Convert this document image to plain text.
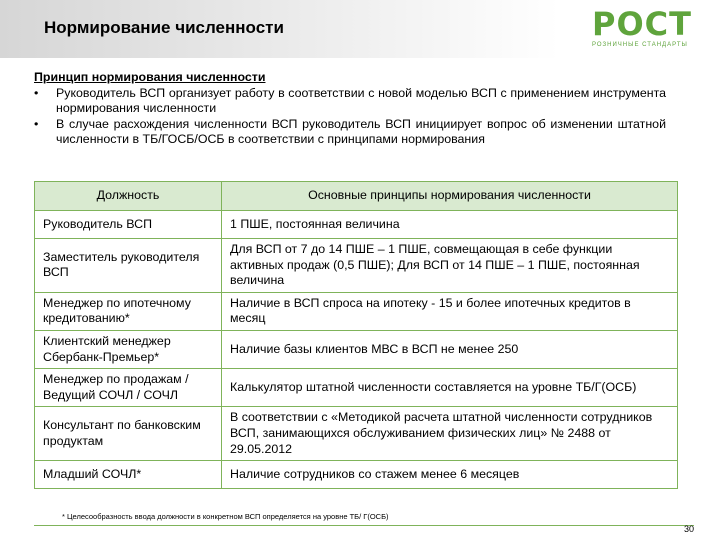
Нормирование численности	РОСТ
РОЗНИЧНЫЕ СТАНДАРТЫ
Принцип нормирования численности
•	Руководитель ВСП организует работу в соответствии с новой моделью ВСП с применением инструмента нормирования численности
•	В случае расхождения численности ВСП руководитель ВСП инициирует вопрос об изменении штатной численности в ТБ/ГОСБ/ОСБ в соответствии с принципами нормирования
Должность	Основные принципы нормирования численности
Руководитель ВСП	1 ПШЕ, постоянная величина
Заместитель руководителя ВСП	Для ВСП от 7 до 14 ПШЕ – 1 ПШЕ, совмещающая в себе функции активных продаж (0,5 ПШЕ); Для ВСП от 14 ПШЕ – 1 ПШЕ, постоянная величина
Менеджер по ипотечному кредитованию*	Наличие в ВСП спроса на ипотеку - 15 и более ипотечных кредитов в месяц
Клиентский менеджер Сбербанк-Премьер*	Наличие базы клиентов МВС в ВСП не менее 250
Менеджер по продажам / Ведущий СОЧЛ / СОЧЛ	Калькулятор штатной численности составляется на уровне ТБ/Г(ОСБ)
Консультант по банковским продуктам	В соответствии с «Методикой расчета штатной численности сотрудников ВСП, занимающихся обслуживанием физических лиц» № 2488 от 29.05.2012
Младший СОЧЛ*	Наличие сотрудников со стажем менее 6 месяцев
* Целесообразность ввода должности в конкретном ВСП определяется на уровне ТБ/ Г(ОСБ)
30
